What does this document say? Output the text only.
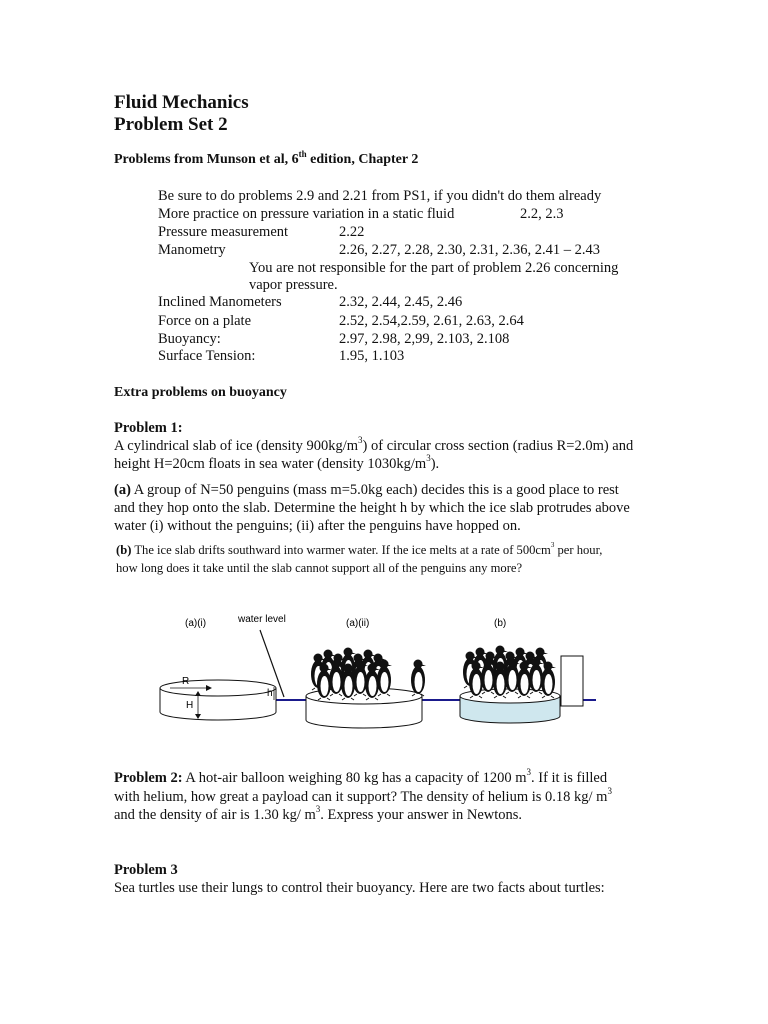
Fluid Mechanics
Problem Set 2
Problems from Munson et al, 6th edition, Chapter 2
Be sure to do problems 2.9 and 2.21 from PS1, if you didn't do them already
More practice on pressure variation in a static fluid	2.2, 2.3
Pressure measurement	2.22
Manometry	2.26, 2.27, 2.28, 2.30, 2.31, 2.36, 2.41 – 2.43
You are not responsible for the part of problem 2.26 concerning
vapor pressure.
Inclined Manometers	2.32, 2.44, 2.45, 2.46
Force on a plate	2.52, 2.54,2.59, 2.61, 2.63, 2.64
Buoyancy:	2.97, 2.98, 2,99, 2.103, 2.108
Surface Tension:	1.95, 1.103
Extra problems on buoyancy
Problem 1:
A cylindrical slab of ice (density $900kg/m^3$) of circular cross section (radius R=2.0m) and
height H=20cm floats in sea water (density $1030kg/m^3$).
(a) A group of N=50 penguins (mass m=5.0kg each) decides this is a good place to rest
and they hop onto the slab. Determine the height h by which the ice slab protrudes above
water (i) without the penguins; (ii) after the penguins have hopped on.
(b) The ice slab drifts southward into warmer water. If the ice melts at a rate of $500cm^3$ per hour,
how long does it take until the slab cannot support all of the penguins any more?
(a)(i)	water level	(a)(ii)	(b)
R
h
H
Problem 2: A hot-air balloon weighing 80 kg has a capacity of 1200 $m^3$. If it is filled
with helium, how great a payload can it support? The density of helium is 0.18 kg/ $m^3$
and the density of air is 1.30 kg/ $m^3$. Express your answer in Newtons.
Problem 3
Sea turtles use their lungs to control their buoyancy. Here are two facts about turtles:
